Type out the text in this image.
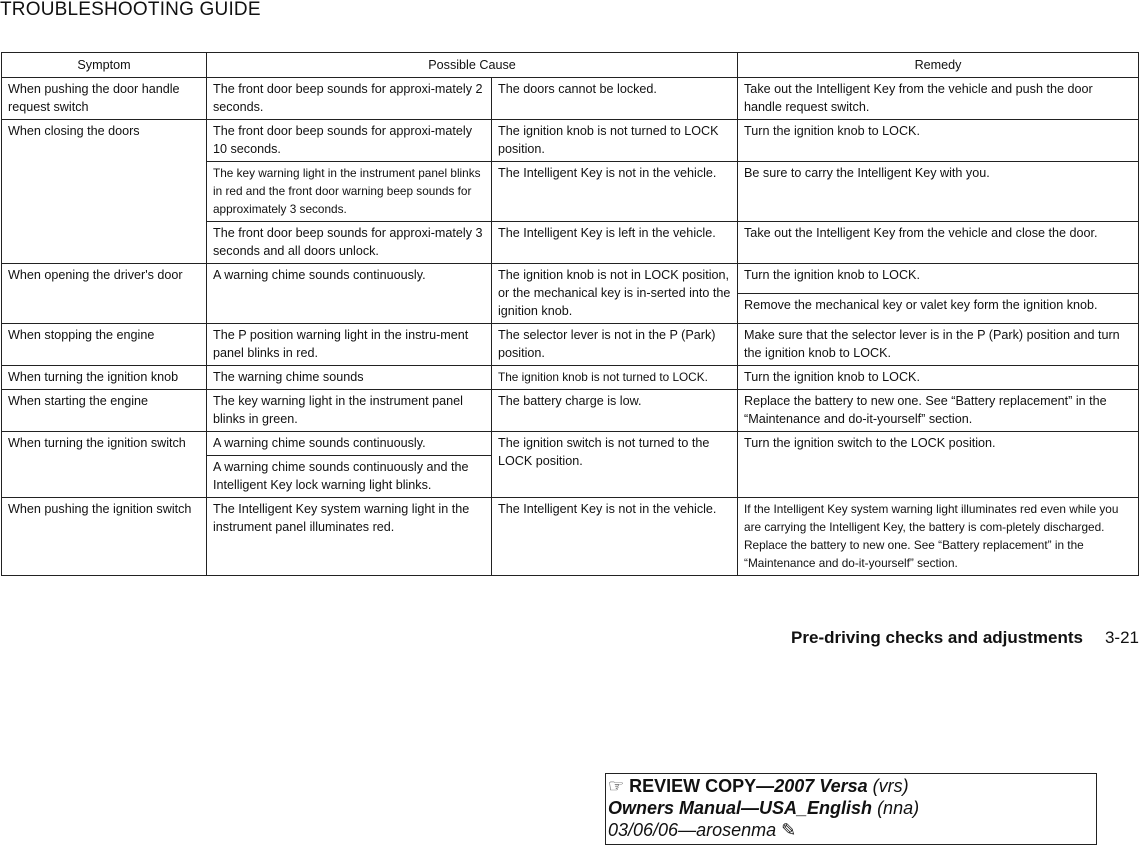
TROUBLESHOOTING GUIDE
Symptom	Possible Cause		Remedy
When pushing the door handle request switch	The front door beep sounds for approxi-mately 2 seconds.	The doors cannot be locked.	Take out the Intelligent Key from the vehicle and push the door handle request switch.
When closing the doors	The front door beep sounds for approxi-mately 10 seconds.	The ignition knob is not turned to LOCK position.	Turn the ignition knob to LOCK.
	The key warning light in the instrument panel blinks in red and the front door warning beep sounds for approximately 3 seconds.	The Intelligent Key is not in the vehicle.	Be sure to carry the Intelligent Key with you.
	The front door beep sounds for approxi-mately 3 seconds and all doors unlock.	The Intelligent Key is left in the vehicle.	Take out the Intelligent Key from the vehicle and close the door.
When opening the driver's door	A warning chime sounds continuously.	The ignition knob is not in LOCK position, or the mechanical key is in-serted into the ignition knob.	Turn the ignition knob to LOCK.
			Remove the mechanical key or valet key form the ignition knob.
When stopping the engine	The P position warning light in the instru-ment panel blinks in red.	The selector lever is not in the P (Park) position.	Make sure that the selector lever is in the P (Park) position and turn the ignition knob to LOCK.
When turning the ignition knob	The warning chime sounds	The ignition knob is not turned to LOCK.	Turn the ignition knob to LOCK.
When starting the engine	The key warning light in the instrument panel blinks in green.	The battery charge is low.	Replace the battery to new one. See “Battery replacement” in the “Maintenance and do-it-yourself” section.
When turning the ignition switch	A warning chime sounds continuously.	The ignition switch is not turned to the LOCK position.	Turn the ignition switch to the LOCK position.
	A warning chime sounds continuously and the Intelligent Key lock warning light blinks.		
When pushing the ignition switch	The Intelligent Key system warning light in the instrument panel illuminates red.	The Intelligent Key is not in the vehicle.	If the Intelligent Key system warning light illuminates red even while you are carrying the Intelligent Key, the battery is com-pletely discharged. Replace the battery to new one. See “Battery replacement” in the “Maintenance and do-it-yourself” section.
Pre-driving checks and adjustments 3-21
☞ REVIEW COPY—2007 Versa (vrs)
Owners Manual—USA_English (nna)
03/06/06—arosenma ✎
